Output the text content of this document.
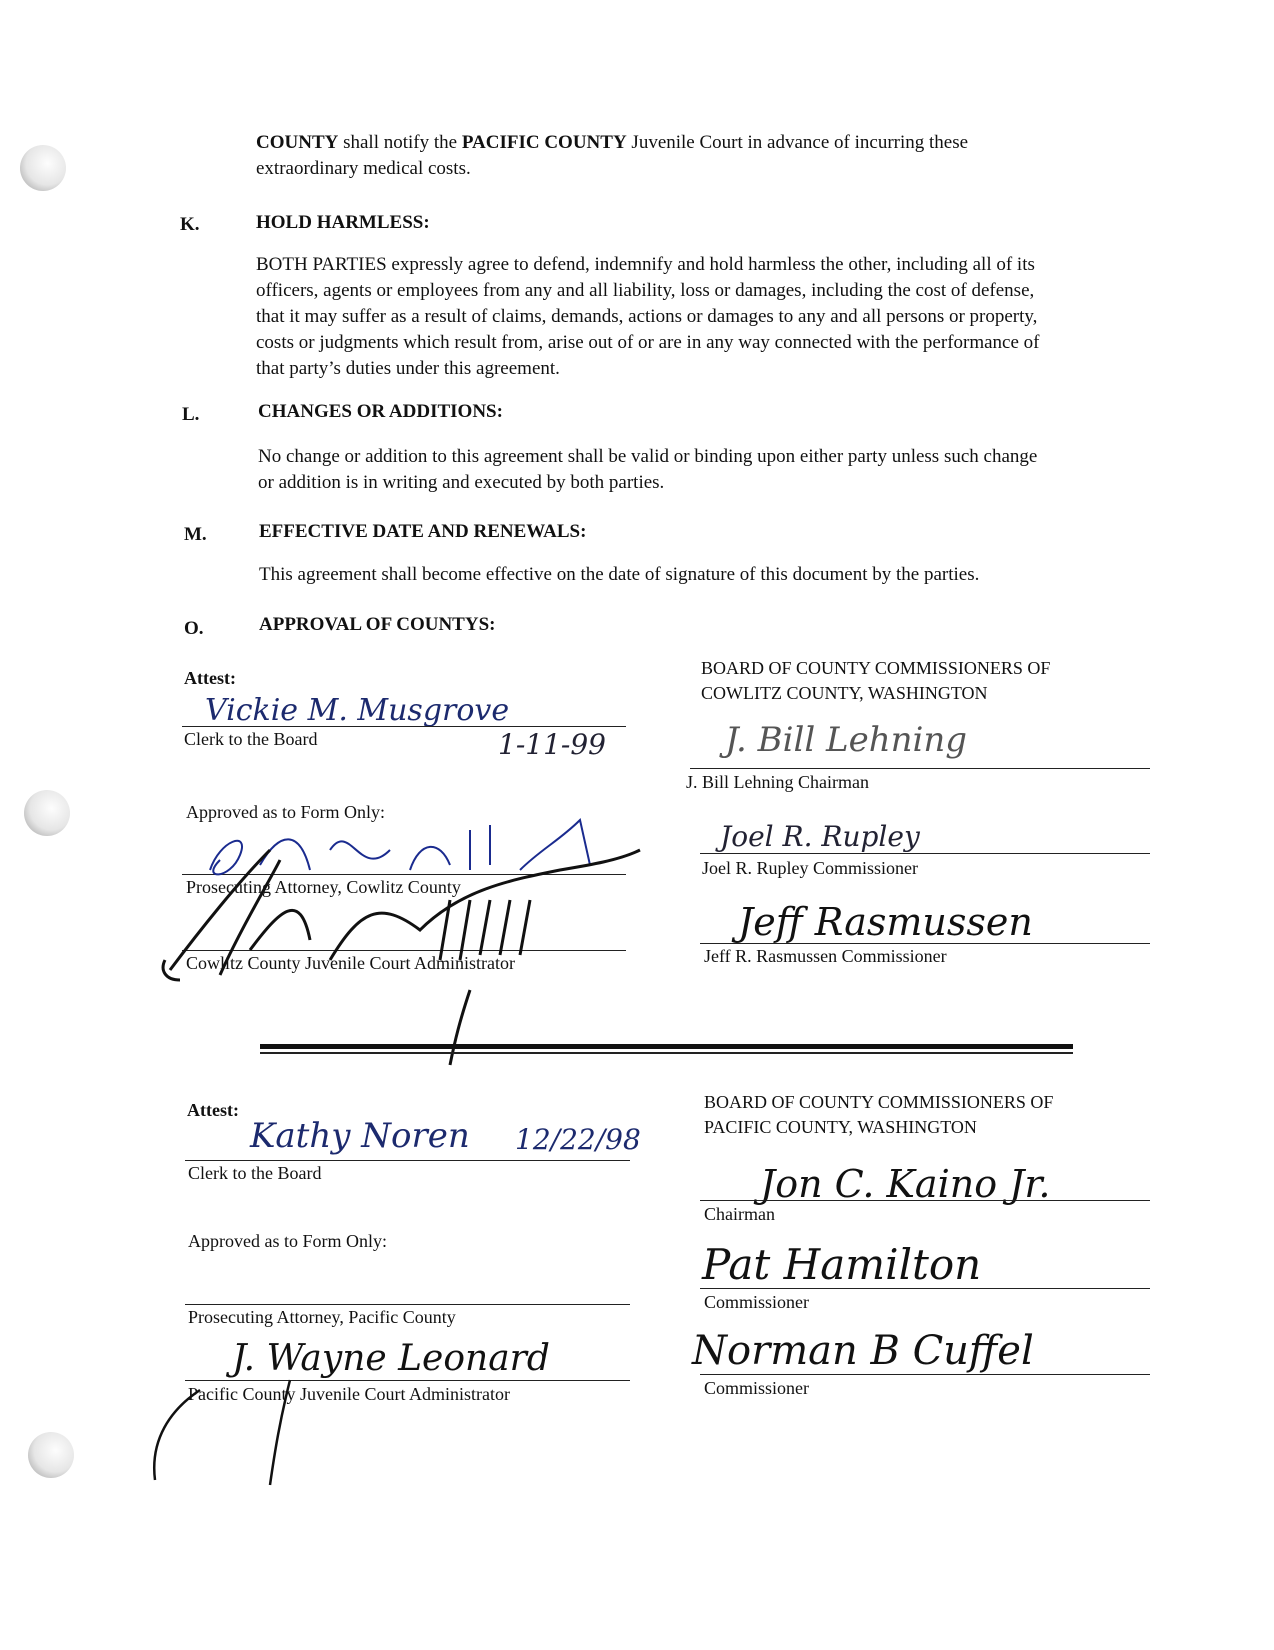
COUNTY shall notify the PACIFIC COUNTY Juvenile Court in advance of incurring these
extraordinary medical costs.
K.	HOLD HARMLESS:
BOTH PARTIES expressly agree to defend, indemnify and hold harmless the other, including all of its
officers, agents or employees from any and all liability, loss or damages, including the cost of defense,
that it may suffer as a result of claims, demands, actions or damages to any and all persons or property,
costs or judgments which result from, arise out of or are in any way connected with the performance of
that party’s duties under this agreement.
L.	CHANGES OR ADDITIONS:
No change or addition to this agreement shall be valid or binding upon either party unless such change
or addition is in writing and executed by both parties.
M.	EFFECTIVE DATE AND RENEWALS:
This agreement shall become effective on the date of signature of this document by the parties.
O.	APPROVAL OF COUNTYS:
Attest:
Vickie M. Musgrove
Clerk to the Board	1-11-99
Approved as to Form Only:
Prosecuting Attorney, Cowlitz County
Cowlitz County Juvenile Court Administrator
BOARD OF COUNTY COMMISSIONERS OF
COWLITZ COUNTY, WASHINGTON
J. Bill Lehning
J. Bill Lehning Chairman
Joel R. Rupley
Joel R. Rupley Commissioner
Jeff Rasmussen
Jeff R. Rasmussen Commissioner
Attest:
Kathy Noren 12/22/98
Clerk to the Board
Approved as to Form Only:
Prosecuting Attorney, Pacific County
J. Wayne Leonard
Pacific County Juvenile Court Administrator
BOARD OF COUNTY COMMISSIONERS OF
PACIFIC COUNTY, WASHINGTON
Jon C. Kaino Jr.
Chairman
Pat Hamilton
Commissioner
Norman B Cuffel
Commissioner
